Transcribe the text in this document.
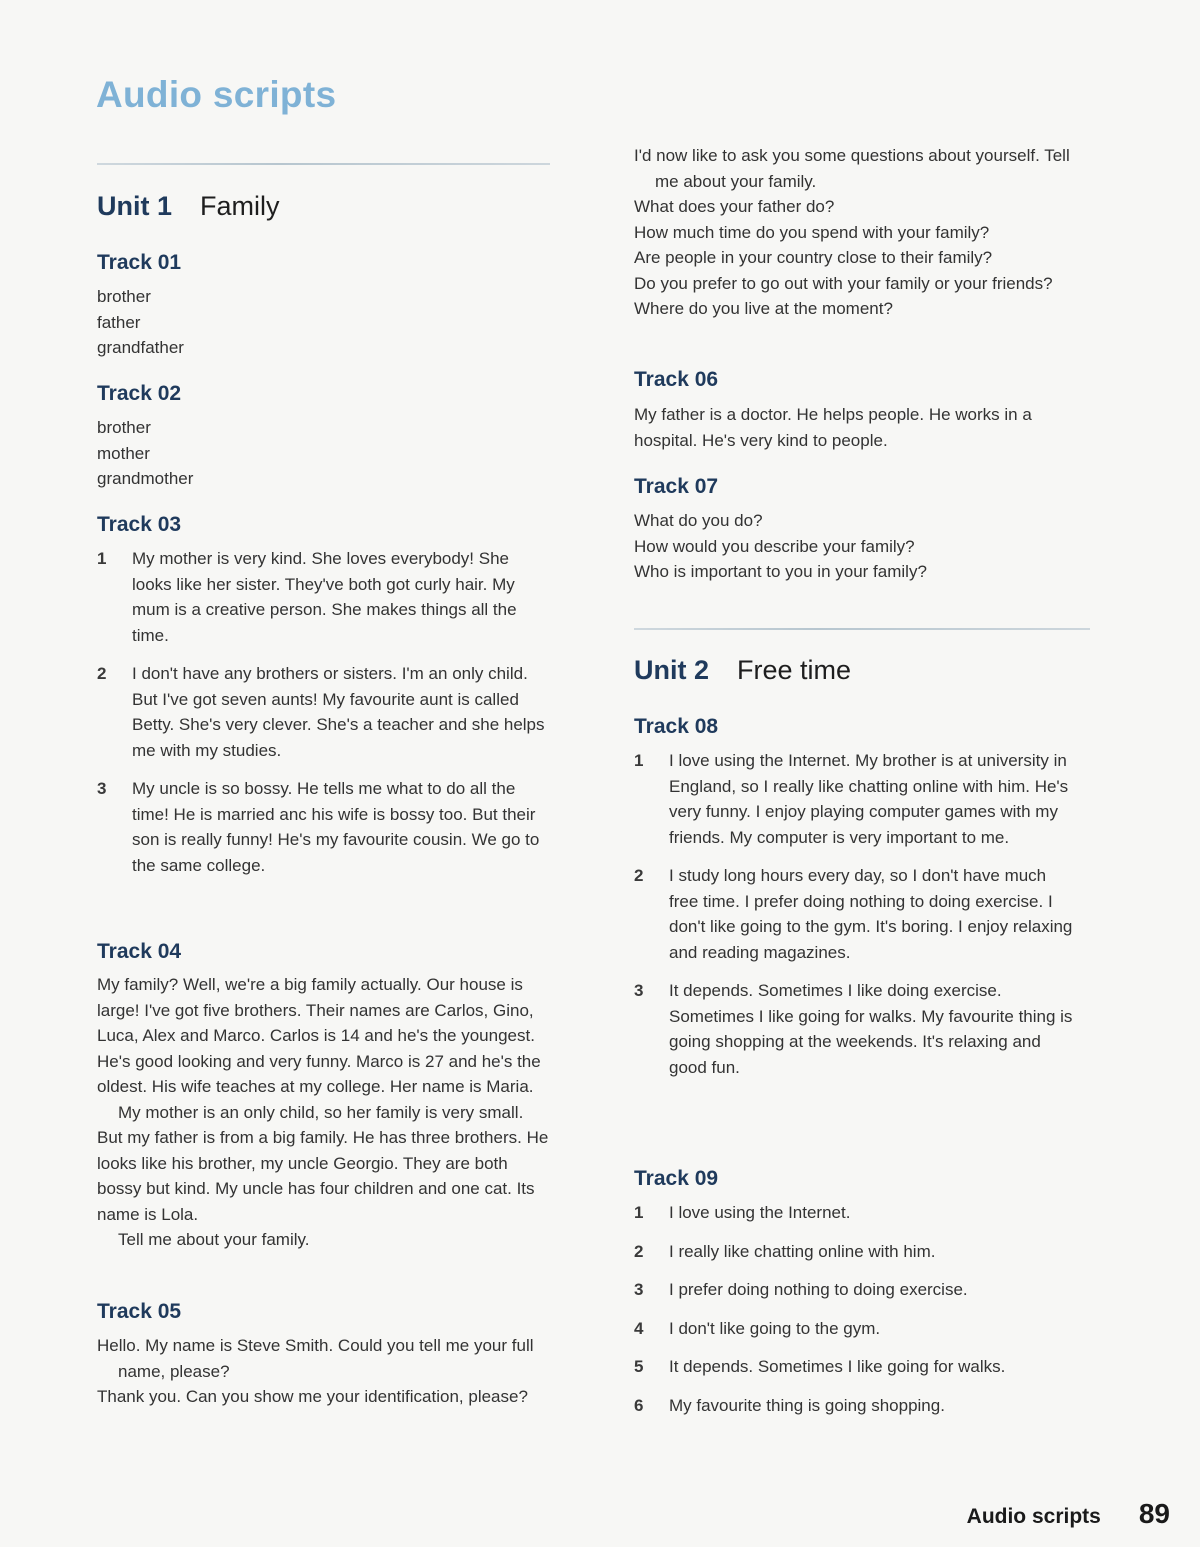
Audio scripts
Unit 1 Family
Track 01

brother

father

grandfather

Track 02

brother

mother

grandmother

Track 03
1	My mother is very kind. She loves everybody! She looks like her sister. They've both got curly hair. My mum is a creative person. She makes things all the time.
2	I don't have any brothers or sisters. I'm an only child. But I've got seven aunts! My favourite aunt is called Betty. She's very clever. She's a teacher and she helps me with my studies.
3	My uncle is so bossy. He tells me what to do all the time! He is married anc his wife is bossy too. But their son is really funny! He's my favourite cousin. We go to the same college.
Track 04

My family? Well, we're a big family actually. Our house is large! I've got five brothers. Their names are Carlos, Gino, Luca, Alex and Marco. Carlos is 14 and he's the youngest. He's good looking and very funny. Marco is 27 and he's the oldest. His wife teaches at my college. Her name is Maria.

My mother is an only child, so her family is very small. But my father is from a big family. He has three brothers. He looks like his brother, my uncle Georgio. They are both bossy but kind. My uncle has four children and one cat. Its name is Lola.

Tell me about your family.

Track 05

Hello. My name is Steve Smith. Could you tell me your full name, please?

Thank you. Can you show me your identification, please?

I'd now like to ask you some questions about yourself. Tell me about your family.

What does your father do?

How much time do you spend with your family?

Are people in your country close to their family?

Do you prefer to go out with your family or your friends?

Where do you live at the moment?

Track 06

My father is a doctor. He helps people. He works in a hospital. He's very kind to people.

Track 07

What do you do?

How would you describe your family?

Who is important to you in your family?

Unit 2 Free time
Track 08
1	I love using the Internet. My brother is at university in England, so I really like chatting online with him. He's very funny. I enjoy playing computer games with my friends. My computer is very important to me.
2	I study long hours every day, so I don't have much free time. I prefer doing nothing to doing exercise. I don't like going to the gym. It's boring. I enjoy relaxing and reading magazines.
3	It depends. Sometimes I like doing exercise. Sometimes I like going for walks. My favourite thing is going shopping at the weekends. It's relaxing and good fun.
Track 09
1	I love using the Internet.
2	I really like chatting online with him.
3	I prefer doing nothing to doing exercise.
4	I don't like going to the gym.
5	It depends. Sometimes I like going for walks.
6	My favourite thing is going shopping.
Audio scripts 89
